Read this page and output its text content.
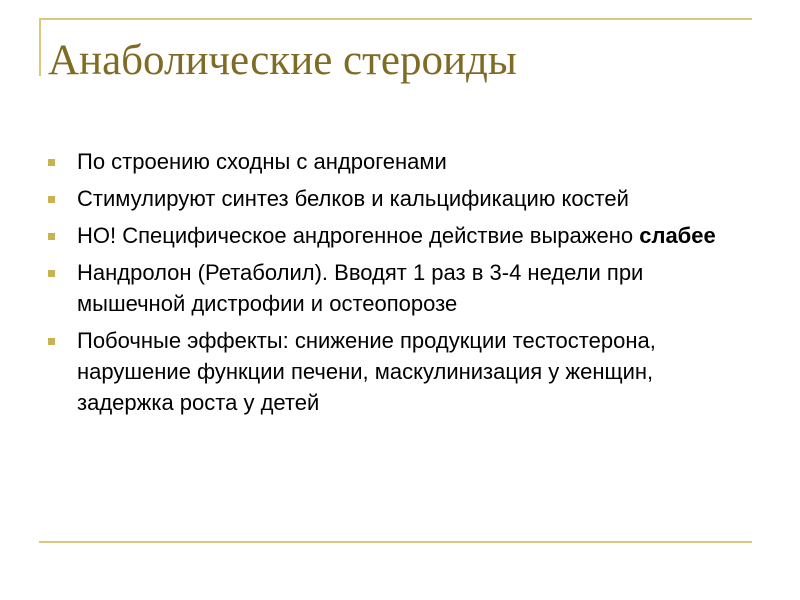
Анаболические стероиды
По строению сходны с андрогенами
Стимулируют синтез белков и кальцификацию костей
НО! Специфическое андрогенное действие выражено слабее
Нандролон (Ретаболил). Вводят 1 раз в 3-4 недели при мышечной дистрофии и остеопорозе
Побочные эффекты: снижение продукции тестостерона, нарушение функции печени, маскулинизация у женщин, задержка роста у детей
